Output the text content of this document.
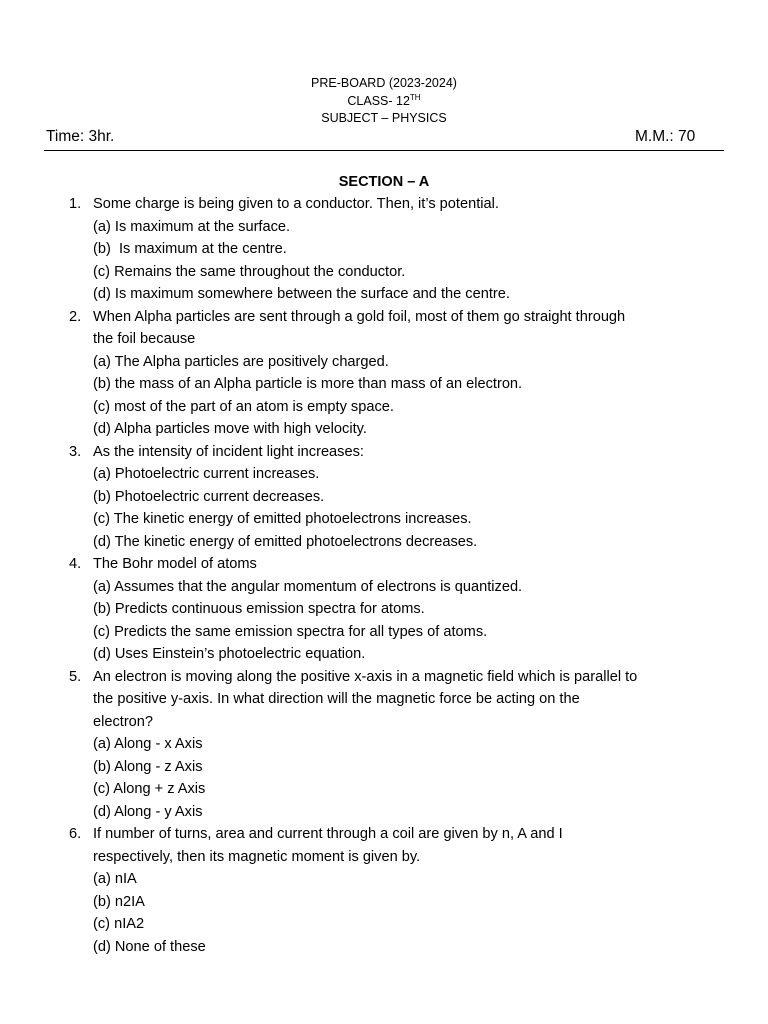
PRE-BOARD (2023-2024)
CLASS- 12TH
SUBJECT – PHYSICS
Time: 3hr.	M.M.: 70
SECTION – A
1. Some charge is being given to a conductor. Then, it’s potential.
(a) Is maximum at the surface.
(b)  Is maximum at the centre.
(c) Remains the same throughout the conductor.
(d) Is maximum somewhere between the surface and the centre.
2. When Alpha particles are sent through a gold foil, most of them go straight through
the foil because
(a) The Alpha particles are positively charged.
(b) the mass of an Alpha particle is more than mass of an electron.
(c) most of the part of an atom is empty space.
(d) Alpha particles move with high velocity.
3. As the intensity of incident light increases:
(a) Photoelectric current increases.
(b) Photoelectric current decreases.
(c) The kinetic energy of emitted photoelectrons increases.
(d) The kinetic energy of emitted photoelectrons decreases.
4. The Bohr model of atoms
(a) Assumes that the angular momentum of electrons is quantized.
(b) Predicts continuous emission spectra for atoms.
(c) Predicts the same emission spectra for all types of atoms.
(d) Uses Einstein’s photoelectric equation.
5. An electron is moving along the positive x-axis in a magnetic field which is parallel to
the positive y-axis. In what direction will the magnetic force be acting on the
electron?
(a) Along - x Axis
(b) Along - z Axis
(c) Along + z Axis
(d) Along - y Axis
6. If number of turns, area and current through a coil are given by n, A and I
respectively, then its magnetic moment is given by.
(a) nIA
(b) n2IA
(c) nIA2
(d) None of these
